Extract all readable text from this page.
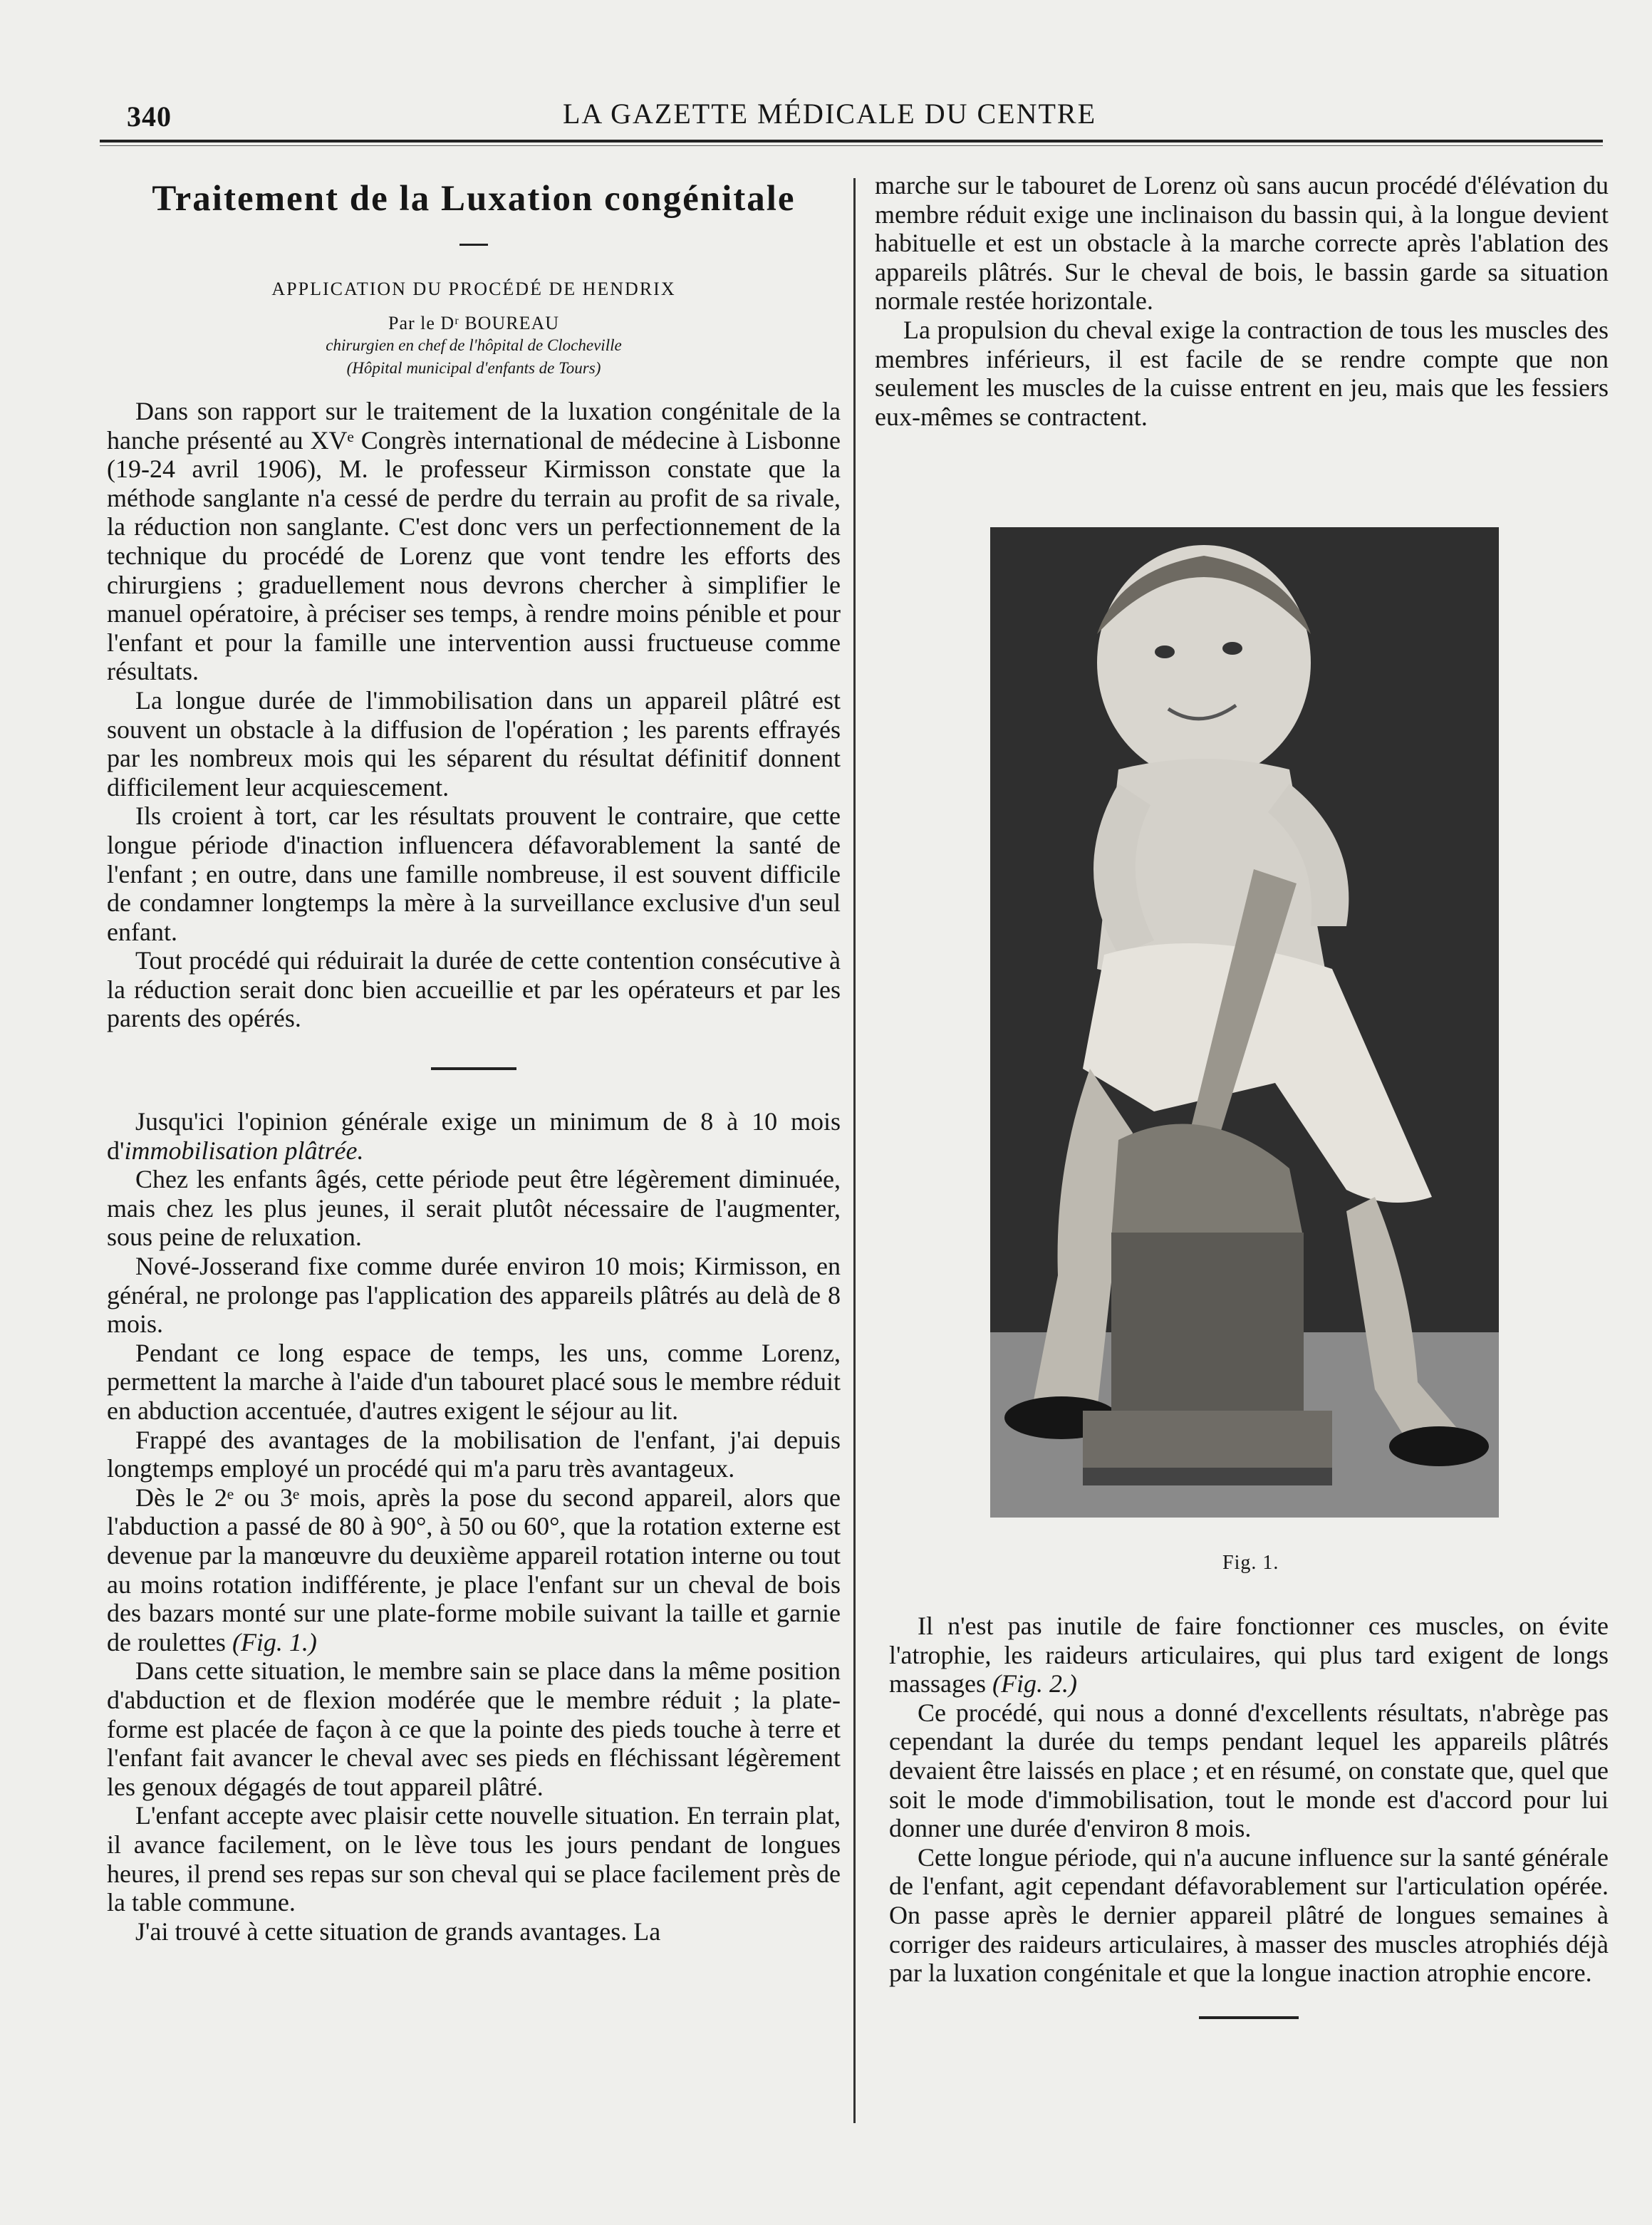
340	LA GAZETTE MÉDICALE DU CENTRE
Traitement de la Luxation congénitale
APPLICATION DU PROCÉDÉ DE HENDRIX
Par le Dʳ BOUREAU
chirurgien en chef de l'hôpital de Clocheville
(Hôpital municipal d'enfants de Tours)

Dans son rapport sur le traitement de la luxation congénitale de la hanche présenté au XVᵉ Congrès international de médecine à Lisbonne (19-24 avril 1906), M. le professeur Kirmisson constate que la méthode sanglante n'a cessé de perdre du terrain au profit de sa rivale, la réduction non sanglante. C'est donc vers un perfectionnement de la technique du procédé de Lorenz que vont tendre les efforts des chirurgiens ; graduellement nous devrons chercher à simplifier le manuel opératoire, à préciser ses temps, à rendre moins pénible et pour l'enfant et pour la famille une intervention aussi fructueuse comme résultats.

La longue durée de l'immobilisation dans un appareil plâtré est souvent un obstacle à la diffusion de l'opération ; les parents effrayés par les nombreux mois qui les séparent du résultat définitif donnent difficilement leur acquiescement.

Ils croient à tort, car les résultats prouvent le contraire, que cette longue période d'inaction influencera défavorablement la santé de l'enfant ; en outre, dans une famille nombreuse, il est souvent difficile de condamner longtemps la mère à la surveillance exclusive d'un seul enfant.

Tout procédé qui réduirait la durée de cette contention consécutive à la réduction serait donc bien accueillie et par les opérateurs et par les parents des opérés.

Jusqu'ici l'opinion générale exige un minimum de 8 à 10 mois d'immobilisation plâtrée.

Chez les enfants âgés, cette période peut être légèrement diminuée, mais chez les plus jeunes, il serait plutôt nécessaire de l'augmenter, sous peine de reluxation.

Nové-Josserand fixe comme durée environ 10 mois; Kirmisson, en général, ne prolonge pas l'application des appareils plâtrés au delà de 8 mois.

Pendant ce long espace de temps, les uns, comme Lorenz, permettent la marche à l'aide d'un tabouret placé sous le membre réduit en abduction accentuée, d'autres exigent le séjour au lit.

Frappé des avantages de la mobilisation de l'enfant, j'ai depuis longtemps employé un procédé qui m'a paru très avantageux.

Dès le 2ᵉ ou 3ᵉ mois, après la pose du second appareil, alors que l'abduction a passé de 80 à 90°, à 50 ou 60°, que la rotation externe est devenue par la manœuvre du deuxième appareil rotation interne ou tout au moins rotation indifférente, je place l'enfant sur un cheval de bois des bazars monté sur une plate-forme mobile suivant la taille et garnie de roulettes (Fig. 1.)

Dans cette situation, le membre sain se place dans la même position d'abduction et de flexion modérée que le membre réduit ; la plate-forme est placée de façon à ce que la pointe des pieds touche à terre et l'enfant fait avancer le cheval avec ses pieds en fléchissant légèrement les genoux dégagés de tout appareil plâtré.

L'enfant accepte avec plaisir cette nouvelle situation. En terrain plat, il avance facilement, on le lève tous les jours pendant de longues heures, il prend ses repas sur son cheval qui se place facilement près de la table commune.

J'ai trouvé à cette situation de grands avantages. La

marche sur le tabouret de Lorenz où sans aucun procédé d'élévation du membre réduit exige une inclinaison du bassin qui, à la longue devient habituelle et est un obstacle à la marche correcte après l'ablation des appareils plâtrés. Sur le cheval de bois, le bassin garde sa situation normale restée horizontale.

La propulsion du cheval exige la contraction de tous les muscles des membres inférieurs, il est facile de se rendre compte que non seulement les muscles de la cuisse entrent en jeu, mais que les fessiers eux-mêmes se contractent.

Fig. 1.

Il n'est pas inutile de faire fonctionner ces muscles, on évite l'atrophie, les raideurs articulaires, qui plus tard exigent de longs massages (Fig. 2.)

Ce procédé, qui nous a donné d'excellents résultats, n'abrège pas cependant la durée du temps pendant lequel les appareils plâtrés devaient être laissés en place ; et en résumé, on constate que, quel que soit le mode d'immobilisation, tout le monde est d'accord pour lui donner une durée d'environ 8 mois.

Cette longue période, qui n'a aucune influence sur la santé générale de l'enfant, agit cependant défavorablement sur l'articulation opérée. On passe après le dernier appareil plâtré de longues semaines à corriger des raideurs articulaires, à masser des muscles atrophiés déjà par la luxation congénitale et que la longue inaction atrophie encore.
